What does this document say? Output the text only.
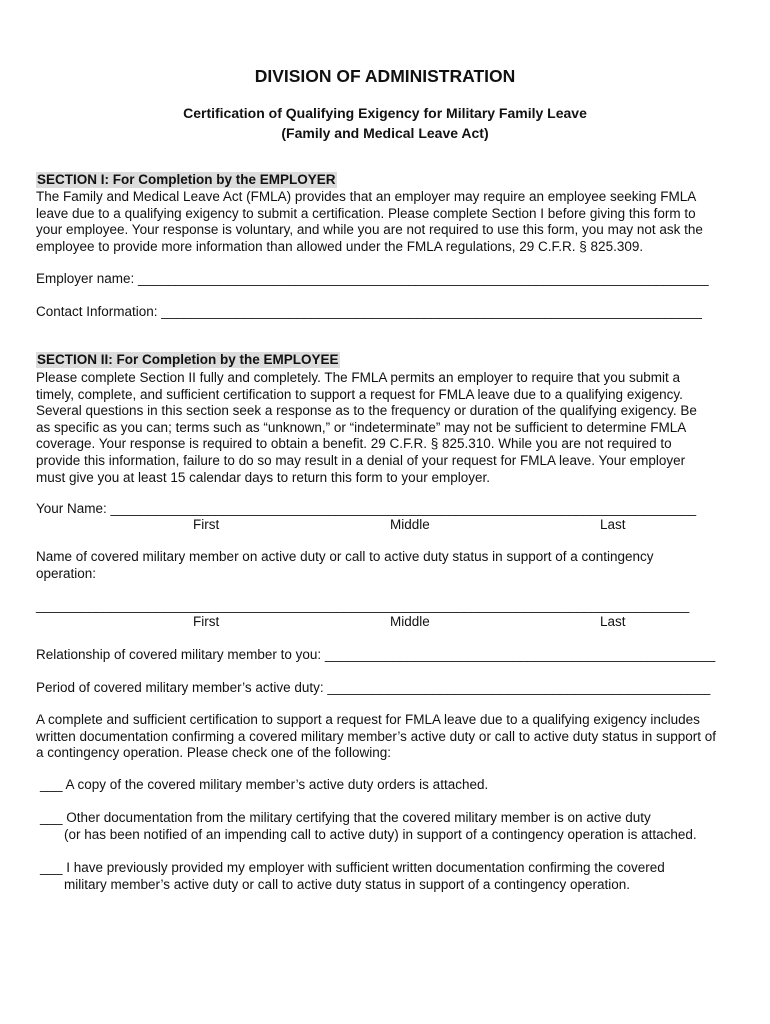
DIVISION OF ADMINISTRATION
Certification of Qualifying Exigency for Military Family Leave
(Family and Medical Leave Act)
SECTION I: For Completion by the EMPLOYER
The Family and Medical Leave Act (FMLA) provides that an employer may require an employee seeking FMLA
leave due to a qualifying exigency to submit a certification. Please complete Section I before giving this form to
your employee. Your response is voluntary, and while you are not required to use this form, you may not ask the
employee to provide more information than allowed under the FMLA regulations, 29 C.F.R. § 825.309.
Employer name: ____________________________________________________________________________
Contact Information: ________________________________________________________________________
SECTION II: For Completion by the EMPLOYEE
Please complete Section II fully and completely. The FMLA permits an employer to require that you submit a
timely, complete, and sufficient certification to support a request for FMLA leave due to a qualifying exigency.
Several questions in this section seek a response as to the frequency or duration of the qualifying exigency. Be
as specific as you can; terms such as “unknown,” or “indeterminate” may not be sufficient to determine FMLA
coverage. Your response is required to obtain a benefit. 29 C.F.R. § 825.310. While you are not required to
provide this information, failure to do so may result in a denial of your request for FMLA leave. Your employer
must give you at least 15 calendar days to return this form to your employer.
Your Name: ______________________________________________________________________________
First	Middle	Last
Name of covered military member on active duty or call to active duty status in support of a contingency
operation:
_______________________________________________________________________________________
First	Middle	Last
Relationship of covered military member to you: ____________________________________________________
Period of covered military member’s active duty: ___________________________________________________
A complete and sufficient certification to support a request for FMLA leave due to a qualifying exigency includes
written documentation confirming a covered military member’s active duty or call to active duty status in support of
a contingency operation. Please check one of the following:
___ A copy of the covered military member’s active duty orders is attached.
___ Other documentation from the military certifying that the covered military member is on active duty
(or has been notified of an impending call to active duty) in support of a contingency operation is attached.
___ I have previously provided my employer with sufficient written documentation confirming the covered
military member’s active duty or call to active duty status in support of a contingency operation.
